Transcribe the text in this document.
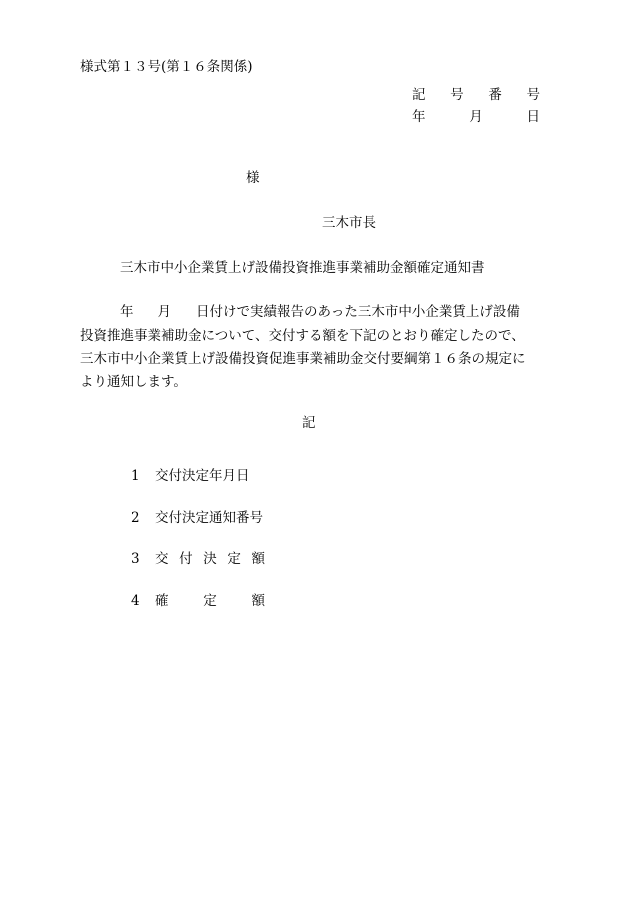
様式第１３号(第１６条関係)
記 号 番 号
年	月	日
様
三木市長
三木市中小企業賃上げ設備投資推進事業補助金額確定通知書
年 月 日付けで実績報告のあった三木市中小企業賃上げ設備
投資推進事業補助金について、交付する額を下記のとおり確定したので、
三木市中小企業賃上げ設備投資促進事業補助金交付要綱第１６条の規定に
より通知します。
記
1	交付決定年月日
2	交付決定通知番号
3	交 付 決 定 額
4	確	定	額
